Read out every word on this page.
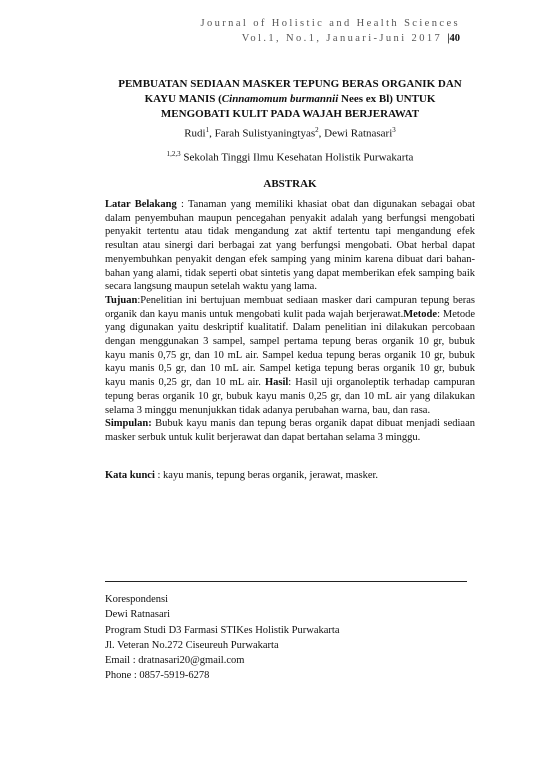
Journal of Holistic and Health Sciences
Vol.1, No.1, Januari-Juni 2017 |40
PEMBUATAN SEDIAAN MASKER TEPUNG BERAS ORGANIK DAN
KAYU MANIS (Cinnamomum burmannii Nees ex Bl) UNTUK
MENGOBATI KULIT PADA WAJAH BERJERAWAT
Rudi$^1$, Farah Sulistyaningtyas$^2$, Dewi Ratnasari$^3$
$^{1,2,3}$ Sekolah Tinggi Ilmu Kesehatan Holistik Purwakarta
ABSTRAK

Latar Belakang : Tanaman yang memiliki khasiat obat dan digunakan sebagai obat dalam penyembuhan maupun pencegahan penyakit adalah yang berfungsi mengobati penyakit tertentu atau tidak mengandung zat aktif tertentu tapi mengandung efek resultan atau sinergi dari berbagai zat yang berfungsi mengobati. Obat herbal dapat menyembuhkan penyakit dengan efek samping yang minim karena dibuat dari bahan-bahan yang alami, tidak seperti obat sintetis yang dapat memberikan efek samping baik secara langsung maupun setelah waktu yang lama.

Tujuan:Penelitian ini bertujuan membuat sediaan masker dari campuran tepung beras organik dan kayu manis untuk mengobati kulit pada wajah berjerawat.Metode: Metode yang digunakan yaitu deskriptif kualitatif. Dalam penelitian ini dilakukan percobaan dengan menggunakan 3 sampel, sampel pertama tepung beras organik 10 gr, bubuk kayu manis 0,75 gr, dan 10 mL air. Sampel kedua tepung beras organik 10 gr, bubuk kayu manis 0,5 gr, dan 10 mL air. Sampel ketiga tepung beras organik 10 gr, bubuk kayu manis 0,25 gr, dan 10 mL air. Hasil: Hasil uji organoleptik terhadap campuran tepung beras organik 10 gr, bubuk kayu manis 0,25 gr, dan 10 mL air yang dilakukan selama 3 minggu menunjukkan tidak adanya perubahan warna, bau, dan rasa.

Simpulan: Bubuk kayu manis dan tepung beras organik dapat dibuat menjadi sediaan masker serbuk untuk kulit berjerawat dan dapat bertahan selama 3 minggu.

Kata kunci : kayu manis, tepung beras organik, jerawat, masker.

Korespondensi
Dewi Ratnasari
Program Studi D3 Farmasi STIKes Holistik Purwakarta
Jl. Veteran No.272 Ciseureuh Purwakarta
Email : dratnasari20@gmail.com
Phone : 0857-5919-6278
